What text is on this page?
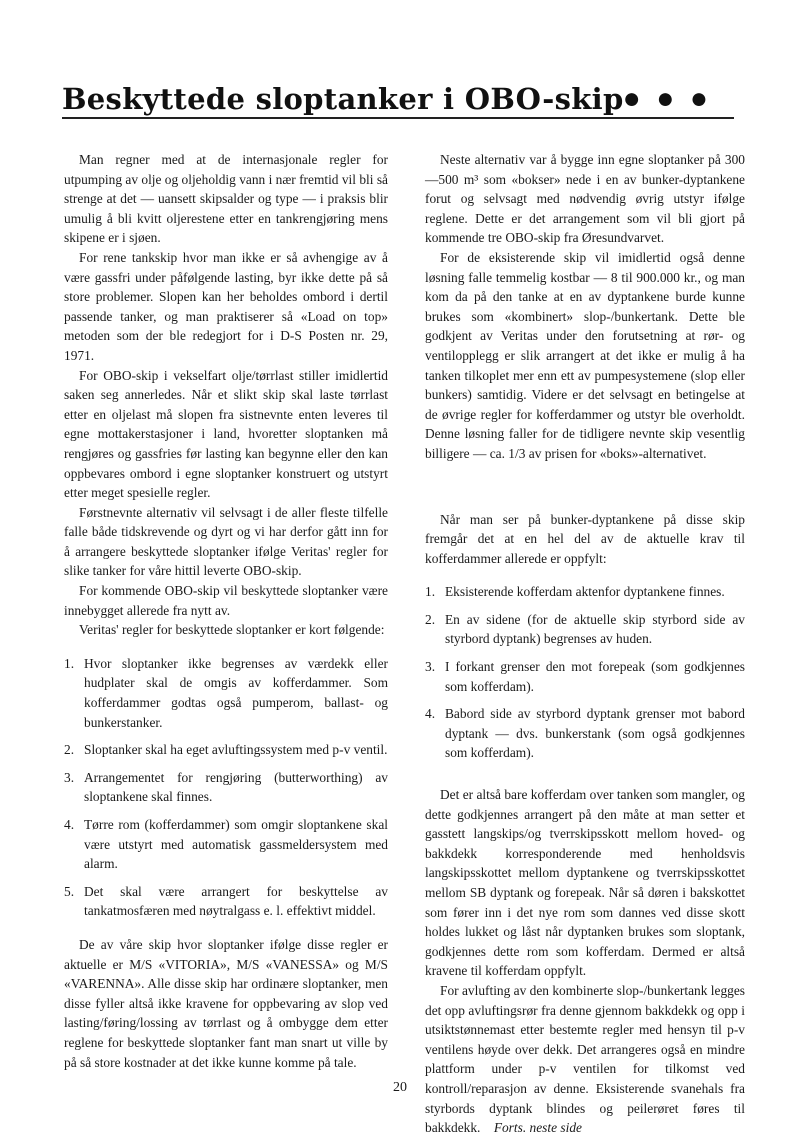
Beskyttede sloptanker i OBO-skip ● ● ●

Man regner med at de internasjonale regler for utpumping av olje og oljeholdig vann i nær fremtid vil bli så strenge at det — uansett skipsalder og type — i praksis blir umulig å bli kvitt oljerestene etter en tankrengjøring mens skipene er i sjøen.

For rene tankskip hvor man ikke er så avhengige av å være gassfri under påfølgende lasting, byr ikke dette på så store problemer. Slopen kan her beholdes ombord i dertil passende tanker, og man praktiserer så «Load on top» metoden som der ble redegjort for i D-S Posten nr. 29, 1971.

For OBO-skip i vekselfart olje/tørrlast stiller imidlertid saken seg annerledes. Når et slikt skip skal laste tørrlast etter en oljelast må slopen fra sistnevnte enten leveres til egne mottakerstasjoner i land, hvoretter sloptanken må rengjøres og gassfries før lasting kan begynne eller den kan oppbevares ombord i egne sloptanker konstruert og utstyrt etter meget spesielle regler.

Førstnevnte alternativ vil selvsagt i de aller fleste tilfelle falle både tidskrevende og dyrt og vi har derfor gått inn for å arrangere beskyttede sloptanker ifølge Veritas' regler for slike tanker for våre hittil leverte OBO-skip.

For kommende OBO-skip vil beskyttede sloptanker være innebygget allerede fra nytt av.

Veritas' regler for beskyttede sloptanker er kort følgende:

1. Hvor sloptanker ikke begrenses av værdekk eller hudplater skal de omgis av kofferdammer. Som kofferdammer godtas også pumperom, ballast- og bunkerstanker.
2. Sloptanker skal ha eget avluftingssystem med p-v ventil.
3. Arrangementet for rengjøring (butterworthing) av sloptankene skal finnes.
4. Tørre rom (kofferdammer) som omgir sloptankene skal være utstyrt med automatisk gassmeldersystem med alarm.
5. Det skal være arrangert for beskyttelse av tankatmosfæren med nøytralgass e. l. effektivt middel.

De av våre skip hvor sloptanker ifølge disse regler er aktuelle er M/S «VITORIA», M/S «VANESSA» og M/S «VARENNA». Alle disse skip har ordinære sloptanker, men disse fyller altså ikke kravene for oppbevaring av slop ved lasting/føring/lossing av tørrlast og å ombygge dem etter reglene for beskyttede sloptanker fant man snart ut ville by på så store kostnader at det ikke kunne komme på tale.

Neste alternativ var å bygge inn egne sloptanker på 300—500 m³ som «bokser» nede i en av bunker-dyptankene forut og selvsagt med nødvendig øvrig utstyr ifølge reglene. Dette er det arrangement som vil bli gjort på kommende tre OBO-skip fra Øresundvarvet.

For de eksisterende skip vil imidlertid også denne løsning falle temmelig kostbar — 8 til 900.000 kr., og man kom da på den tanke at en av dyptankene burde kunne brukes som «kombinert» slop-/bunkertank. Dette ble godkjent av Veritas under den forutsetning at rør- og ventilopplegg er slik arrangert at det ikke er mulig å ha tanken tilkoplet mer enn ett av pumpesystemene (slop eller bunkers) samtidig. Videre er det selvsagt en betingelse at de øvrige regler for kofferdammer og utstyr ble overholdt. Denne løsning faller for de tidligere nevnte skip vesentlig billigere — ca. 1/3 av prisen for «boks»-alternativet.

Når man ser på bunker-dyptankene på disse skip fremgår det at en hel del av de aktuelle krav til kofferdammer allerede er oppfylt:

1. Eksisterende kofferdam aktenfor dyptankene finnes.
2. En av sidene (for de aktuelle skip styrbord side av styrbord dyptank) begrenses av huden.
3. I forkant grenser den mot forepeak (som godkjennes som kofferdam).
4. Babord side av styrbord dyptank grenser mot babord dyptank — dvs. bunkerstank (som også godkjennes som kofferdam).

Det er altså bare kofferdam over tanken som mangler, og dette godkjennes arrangert på den måte at man setter et gasstett langskips/og tverrskipsskott mellom hoved- og bakkdekk korresponderende med henholdsvis langskipsskottet mellom dyptankene og tverrskipsskottet mellom SB dyptank og forepeak. Når så døren i bakskottet som fører inn i det nye rom som dannes ved disse skott holdes lukket og låst når dyptanken brukes som sloptank, godkjennes dette rom som kofferdam. Dermed er altså kravene til kofferdam oppfylt.

For avlufting av den kombinerte slop-/bunkertank legges det opp avluftingsrør fra denne gjennom bakkdekk og opp i utsiktstønnemast etter bestemte regler med hensyn til p-v ventilens høyde over dekk. Det arrangeres også en mindre plattform under p-v ventilen for tilkomst ved kontroll/reparasjon av denne. Eksisterende svanehals fra styrbords dyptank blindes og peilerøret føres til bakkdekk. Forts. neste side

20
